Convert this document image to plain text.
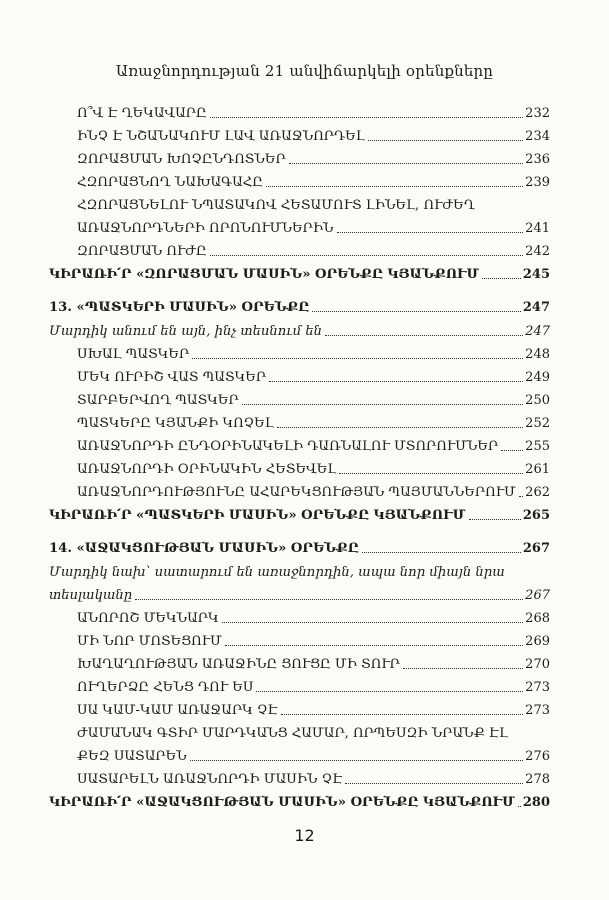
Առաջնորդության 21 անվիճարկելի օրենքները
Ո՞Վ Է ՂԵԿԱՎԱՐԸ	232
ԻՆՉ Է ՆՇԱՆԱԿՈՒՄ ԼԱՎ ԱՌԱՋՆՈՐԴԵԼ	234
ԶՈՐԱՑՄԱՆ ԽՈՉԸՆԴՈՏՆԵՐ	236
ՀԶՈՐԱՑՆՈՂ ՆԱԽԱԳԱՀԸ	239
ՀԶՈՐԱՑՆԵԼՈՒ ՆՊԱՏԱԿՈՎ ՀԵՏԱՄՈՒՏ ԼԻՆԵԼ, ՈՒԺԵՂ
ԱՌԱՋՆՈՐԴՆԵՐԻ ՈՐՈՆՈՒՄՆԵՐԻՆ	241
ԶՈՐԱՑՄԱՆ ՈՒԺԸ	242
ԿԻՐԱՌԻ՛Ր «ԶՈՐԱՑՄԱՆ ՄԱՍԻՆ» ՕՐԵՆՔԸ ԿՅԱՆՔՈՒՄ	245
13. «ՊԱՏԿԵՐԻ ՄԱՍԻՆ» ՕՐԵՆՔԸ	247
Մարդիկ անում են այն, ինչ տեսնում են	247
ՍԽԱԼ ՊԱՏԿԵՐ	248
ՄԵԿ ՈՒՐԻՇ ՎԱՏ ՊԱՏԿԵՐ	249
ՏԱՐԲԵՐՎՈՂ ՊԱՏԿԵՐ	250
ՊԱՏԿԵՐԸ ԿՅԱՆՔԻ ԿՈՉԵԼ	252
ԱՌԱՋՆՈՐԴԻ ԸՆԴՕՐԻՆԱԿԵԼԻ ԴԱՌՆԱԼՈՒ ՄՏՈՐՈՒՄՆԵՐ 255
ԱՌԱՋՆՈՐԴԻ ՕՐԻՆԱԿԻՆ ՀԵՏԵՎԵԼ	261
ԱՌԱՋՆՈՐԴՈՒԹՅՈՒՆԸ ԱՀԱՐԵԿՑՈՒԹՅԱՆ ՊԱՅՄԱՆՆԵՐՈՒՄ 262
ԿԻՐԱՌԻ՛Ր «ՊԱՏԿԵՐԻ ՄԱՍԻՆ» ՕՐԵՆՔԸ ԿՅԱՆՔՈՒՄ	265
14. «ԱՋԱԿՑՈՒԹՅԱՆ ՄԱՍԻՆ» ՕՐԵՆՔԸ	267
Մարդիկ նախ՝ սատարում են առաջնորդին, ապա նոր միայն նրա
տեսլականը	267
ԱՆՈՐՈՇ ՄԵԿՆԱՐԿ	268
ՄԻ ՆՈՐ ՄՈՏԵՑՈՒՄ	269
ԽԱՂԱՂՈՒԹՅԱՆ ԱՌԱՋԻՆԸ ՑՈՒՑԸ ՄԻ ՏՈՒՐ	270
ՈՒՂԵՐՁԸ ՀԵՆՑ ԴՈՒ ԵՍ	273
ՍԱ ԿԱՄ-ԿԱՄ ԱՌԱՋԱՐԿ ՉԷ	273
ԺԱՄԱՆԱԿ ԳՏԻՐ ՄԱՐԴԿԱՆՑ ՀԱՄԱՐ, ՈՐՊԵՍԶԻ ՆՐԱՆՔ ԷԼ
ՔԵԶ ՍԱՏԱՐԵՆ	276
ՍԱՏԱՐԵԼՆ ԱՌԱՋՆՈՐԴԻ ՄԱՍԻՆ ՉԷ	278
ԿԻՐԱՌԻ՛Ր «ԱՋԱԿՑՈՒԹՅԱՆ ՄԱՍԻՆ» ՕՐԵՆՔԸ ԿՅԱՆՔՈՒՄ 280
12
